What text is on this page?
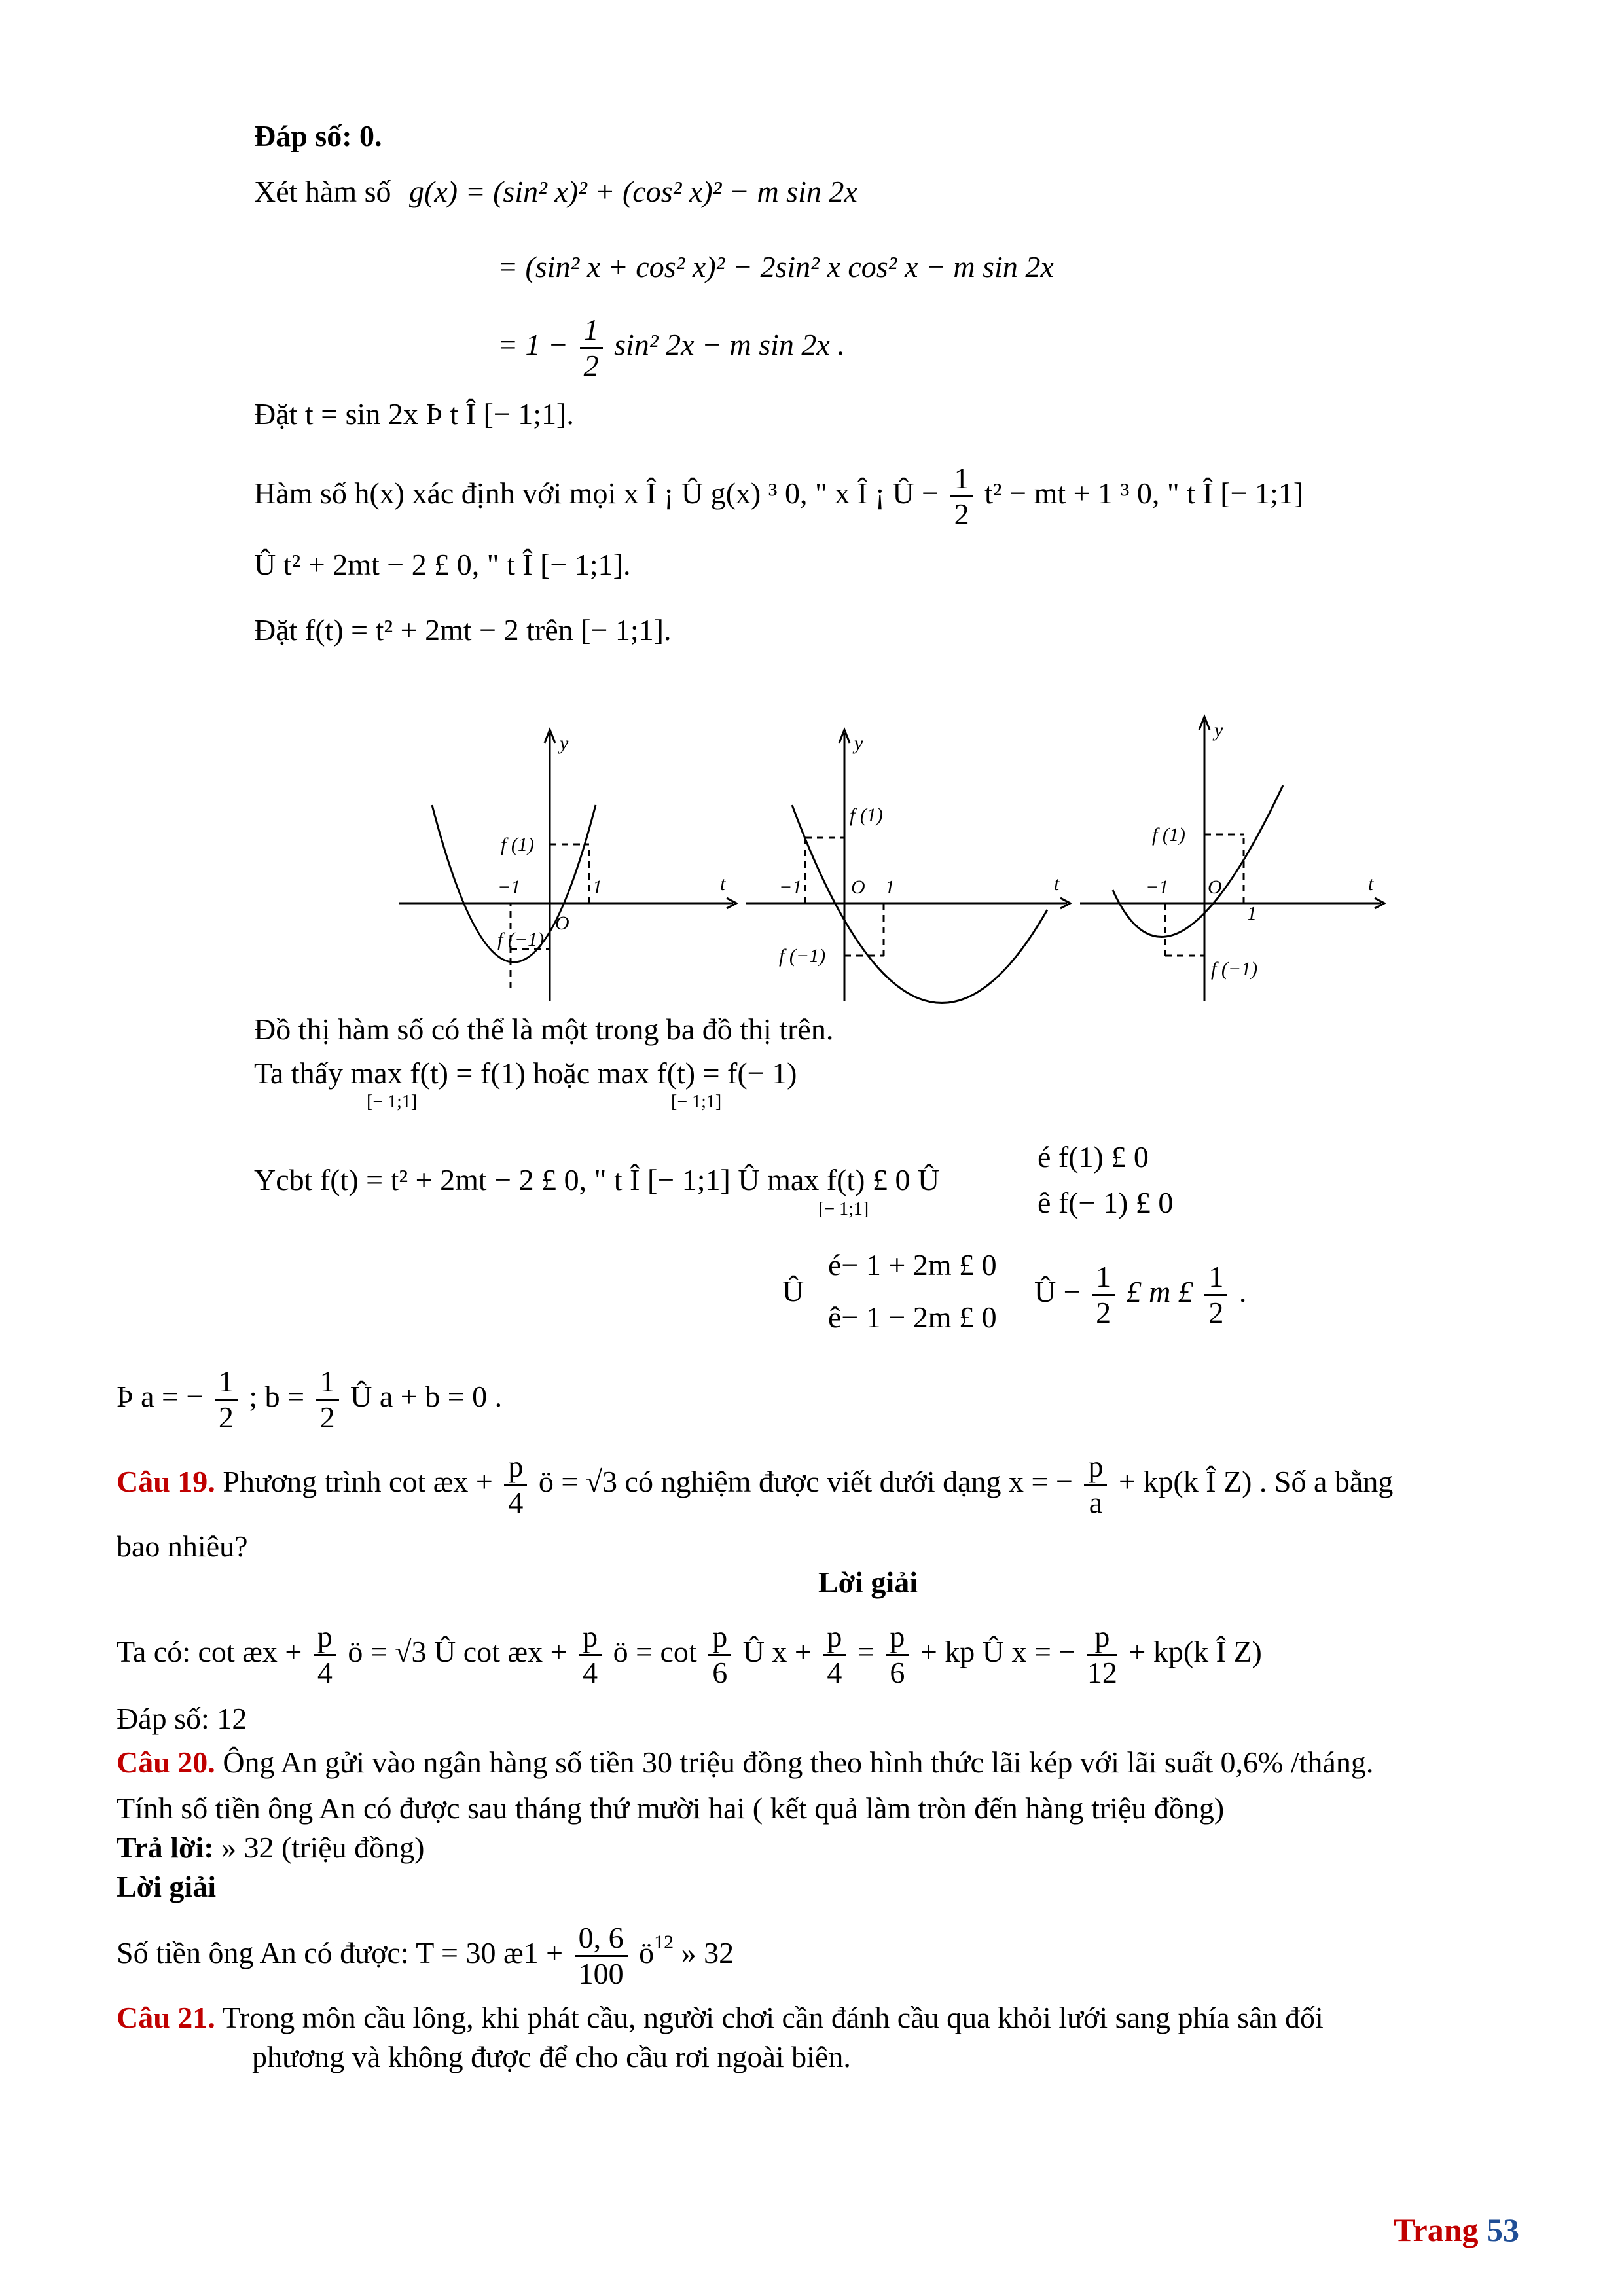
Đáp số: 0.
Xét hàm số g(x) = (sin² x)² + (cos² x)² − m sin 2x
= (sin² x + cos² x)² − 2sin² x cos² x − m sin 2x
= $1 - \frac{1}{2} \sin^2$ 2x − m sin 2x .
Đặt t = sin 2x Þ t Î [− 1;1].
Hàm số h(x) xác định với mọi x Î ¡ Û g(x) ³ 0, " x Î ¡ Û − $\frac{1}{2} t^2$ − mt + 1 ³ 0, " t Î [− 1;1]
Û t² + 2mt − 2 £ 0, " t Î [− 1;1].
Đặt f(t) = t² + 2mt − 2 trên [− 1;1].
y
t
O
−1	1
f (1)
f (−1)
y
t
O
−1	1
f (1)
f (−1)
y
t
O
−1
1
f (1)
f (−1)
Đồ thị hàm số có thể là một trong ba đồ thị trên.
Ta thấy max f(t) = f(1) hoặc max f(t) = f(− 1)
[− 1;1]	[− 1;1]
Ycbt f(t) = t² + 2mt − 2 £ 0, " t Î [− 1;1] Û max f(t) £ 0 Û
[− 1;1]
é f(1) £ 0
ê f(− 1) £ 0
Û
é− 1 + 2m £ 0
ê− 1 − 2m £ 0
Û − $\frac{1}{2}$ £ m £ $\frac{1}{2}$ .
Þ a = − $\frac{1}{2}$ ; $b = \frac{1}{2}$ Û a + b = 0 .
Câu 19. Phương trình cot æx + $\frac{p}{4}$ ö = √3 có nghiệm được viết dưới dạng x = − $\frac{p}{a} + kp(k$ Î Z) . Số a bằng
bao nhiêu?
Lời giải
Ta có: cot æx + $\frac{p}{4}$ ö = √3 Û cot æx + $\frac{p}{4}$ ö = $\cot \frac{p}{6}$ Û $x + \frac{p}{4} = \frac{p}{6}$ + kp Û x = − $\frac{p}{12} + kp(k$ Î Z)
Đáp số: 12
Câu 20. Ông An gửi vào ngân hàng số tiền 30 triệu đồng theo hình thức lãi kép với lãi suất 0,6% /tháng.
Tính số tiền ông An có được sau tháng thứ mười hai ( kết quả làm tròn đến hàng triệu đồng)
Trả lời: » 32 (triệu đồng)
Lời giải
Số tiền ông An có được: T = 30 æ1 + $\frac{0, 6}{100}$ $ö^{12}$ » 32
Câu 21. Trong môn cầu lông, khi phát cầu, người chơi cần đánh cầu qua khỏi lưới sang phía sân đối
phương và không được để cho cầu rơi ngoài biên.
Trang 53
